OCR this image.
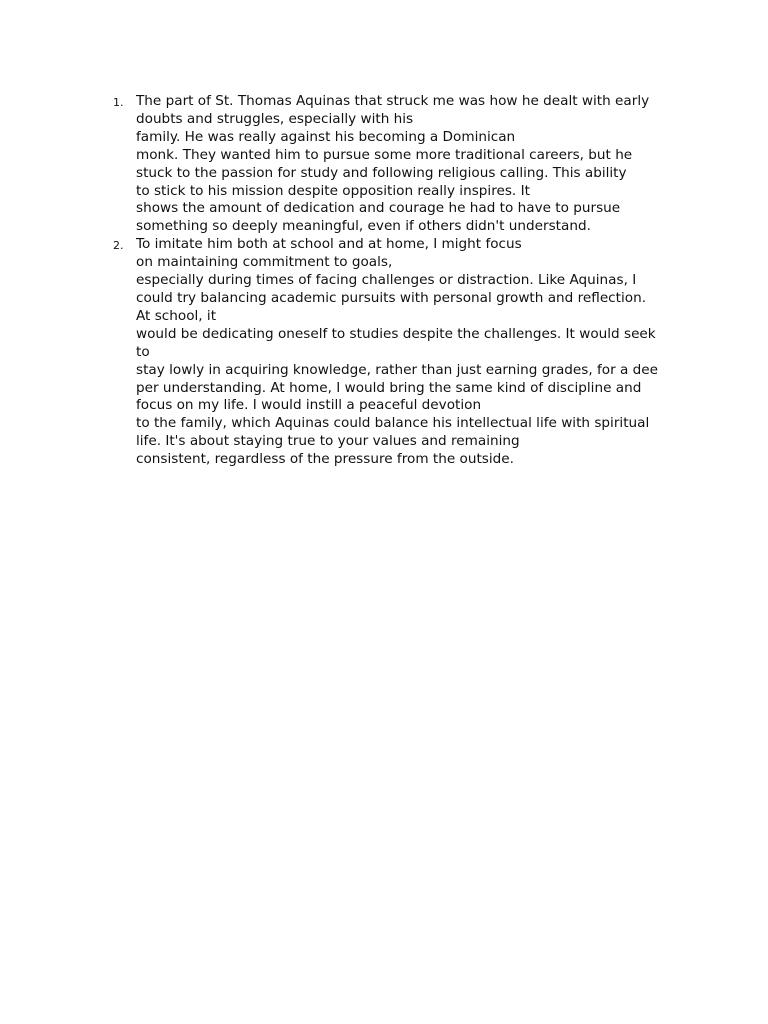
1. The part of St. Thomas Aquinas that struck me was how he dealt with early
doubts and struggles, especially with his
family. He was really against his becoming a Dominican
monk. They wanted him to pursue some more traditional careers, but he
stuck to the passion for study and following religious calling. This ability
to stick to his mission despite opposition really inspires. It
shows the amount of dedication and courage he had to have to pursue
something so deeply meaningful, even if others didn't understand.
2. To imitate him both at school and at home, I might focus
on maintaining commitment to goals,
especially during times of facing challenges or distraction. Like Aquinas, I
could try balancing academic pursuits with personal growth and reflection.
At school, it
would be dedicating oneself to studies despite the challenges. It would seek
to
stay lowly in acquiring knowledge, rather than just earning grades, for a dee
per understanding. At home, I would bring the same kind of discipline and
focus on my life. I would instill a peaceful devotion
to the family, which Aquinas could balance his intellectual life with spiritual
life. It's about staying true to your values and remaining
consistent, regardless of the pressure from the outside.
